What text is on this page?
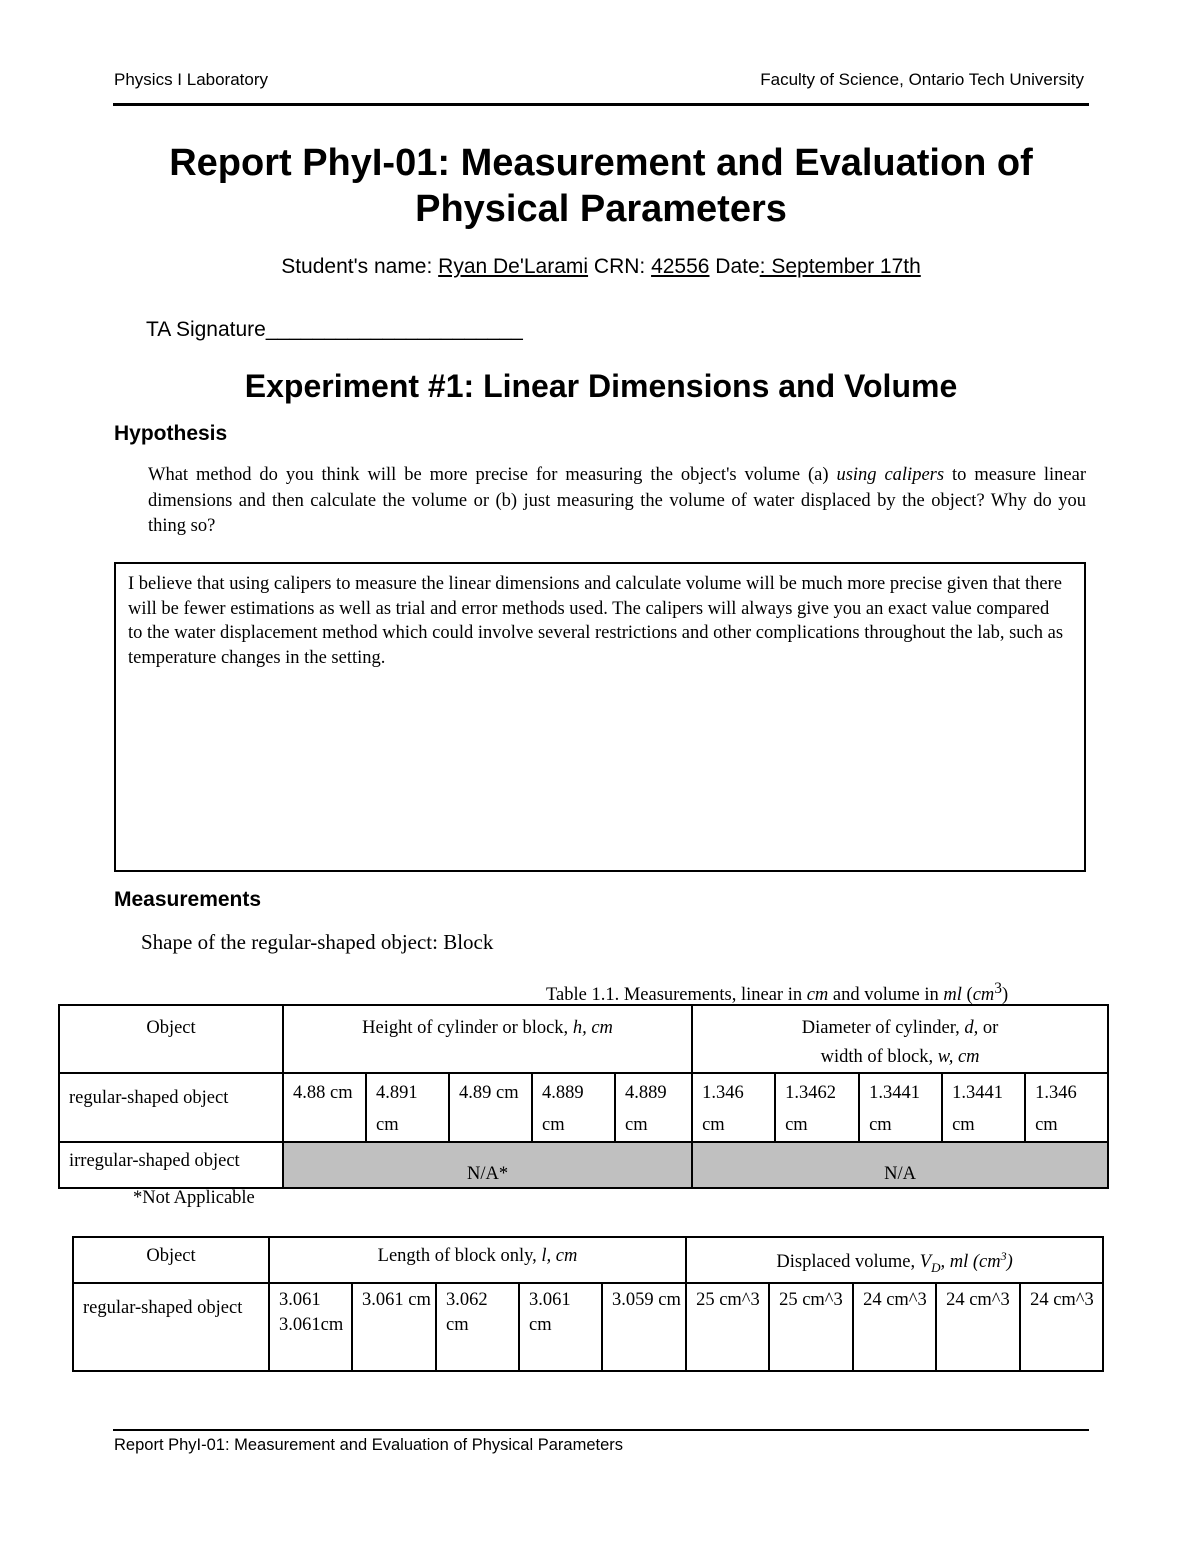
Physics I Laboratory	Faculty of Science, Ontario Tech University
Report PhyI-01: Measurement and Evaluation of
Physical Parameters
Student's name: Ryan De'Larami CRN: 42556 Date: September 17th
TA Signature______________________
Experiment #1: Linear Dimensions and Volume
Hypothesis
What method do you think will be more precise for measuring the object's volume (a) using calipers to measure linear dimensions and then calculate the volume or (b) just measuring the volume of water displaced by the object? Why do you thing so?
I believe that using calipers to measure the linear dimensions and calculate volume will be much more precise given that there will be fewer estimations as well as trial and error methods used. The calipers will always give you an exact value compared to the water displacement method which could involve several restrictions and other complications throughout the lab, such as temperature changes in the setting.
Measurements
Shape of the regular-shaped object: Block
Table 1.1. Measurements, linear in cm and volume in ml $(cm^3)$
Object	Height of cylinder or block, h, cm					Diameter of cylinder, d, or
width of block, w, cm				

regular-shaped object	4.88 cm	4.891 cm	4.89 cm	4.889 cm	4.889 cm	1.346 cm	1.3462 cm	1.3441 cm	1.3441 cm	1.346 cm
irregular-shaped object	N/A*					N/A				
*Not Applicable
Object	Length of block only, l, cm					Displaced volume, $V_D$, ml $(cm^3)$				
regular-shaped object	3.061 3.061cm	3.061 cm	3.062 cm	3.061 cm	3.059 cm	25 cm^3	25 cm^3	24 cm^3	24 cm^3	24 cm^3
Report PhyI-01: Measurement and Evaluation of Physical Parameters
